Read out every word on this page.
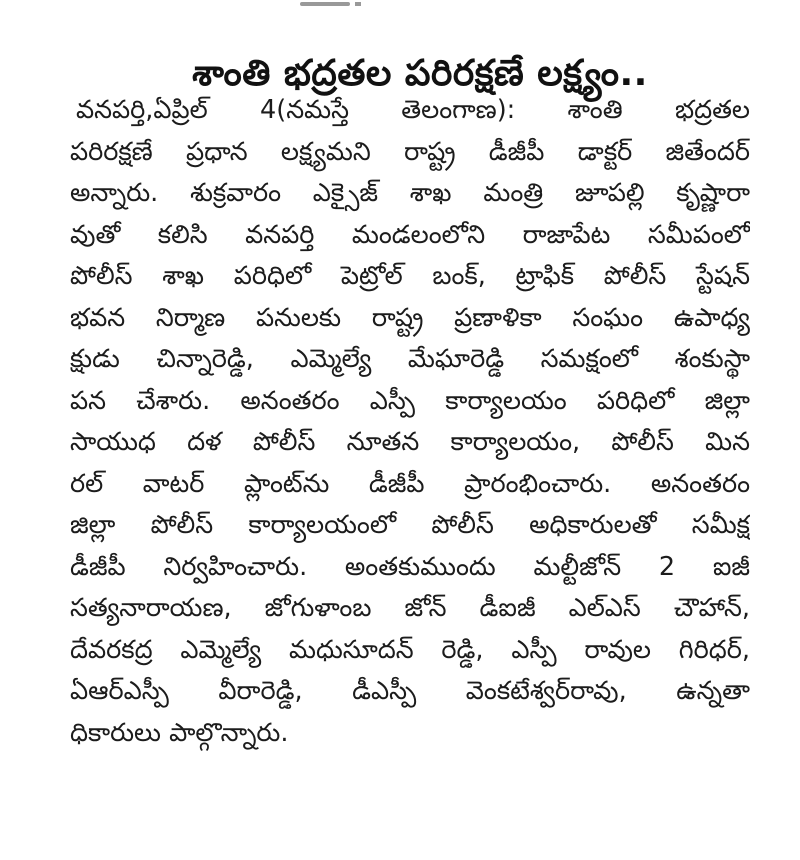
శాంతి భద్రతల పరిరక్షణే లక్ష్యం..
వనపర్తి,ఏప్రిల్ 4(నమస్తే తెలంగాణ): శాంతి భద్రతల
పరిరక్షణే ప్రధాన లక్ష్యమని రాష్ట్ర డీజీపీ డాక్టర్ జితేందర్
అన్నారు. శుక్రవారం ఎక్సైజ్ శాఖ మంత్రి జూపల్లి కృష్ణారా
వుతో కలిసి వనపర్తి మండలంలోని రాజాపేట సమీపంలో
పోలీస్ శాఖ పరిధిలో పెట్రోల్ బంక్, ట్రాఫిక్ పోలీస్ స్టేషన్
భవన నిర్మాణ పనులకు రాష్ట్ర ప్రణాళికా సంఘం ఉపాధ్య
క్షుడు చిన్నారెడ్డి, ఎమ్మెల్యే మేఘారెడ్డి సమక్షంలో శంకుస్థా
పన చేశారు. అనంతరం ఎస్పీ కార్యాలయం పరిధిలో జిల్లా
సాయుధ దళ పోలీస్ నూతన కార్యాలయం, పోలీస్ మిన
రల్ వాటర్ ప్లాంట్‌ను డీజీపీ ప్రారంభించారు. అనంతరం
జిల్లా పోలీస్ కార్యాలయంలో పోలీస్ అధికారులతో సమీక్ష
డీజీపీ నిర్వహించారు. అంతకుముందు మల్టీజోన్ 2 ఐజీ
సత్యనారాయణ, జోగుళాంబ జోన్ డీఐజీ ఎల్ఎస్ చౌహాన్,
దేవరకద్ర ఎమ్మెల్యే మధుసూదన్ రెడ్డి, ఎస్పీ రావుల గిరిధర్,
ఏఆర్ఎస్పీ వీరారెడ్డి, డీఎస్పీ వెంకటేశ్వర్‌రావు, ఉన్నతా
ధికారులు పాల్గొన్నారు.
